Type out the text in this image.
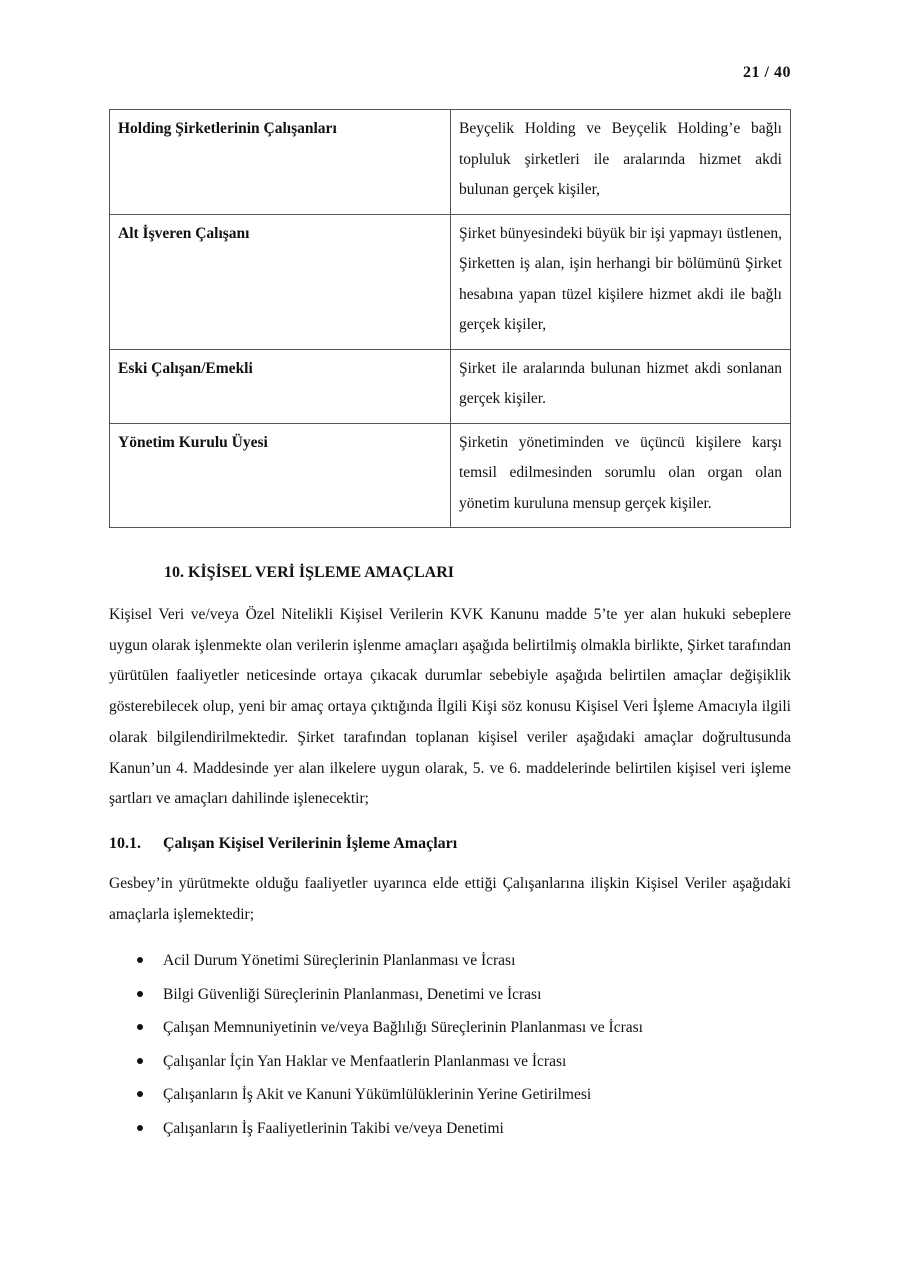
21 / 40
Holding Şirketlerinin Çalışanları	Beyçelik Holding ve Beyçelik Holding’e bağlı topluluk şirketleri ile aralarında hizmet akdi bulunan gerçek kişiler,
Alt İşveren Çalışanı	Şirket bünyesindeki büyük bir işi yapmayı üstlenen, Şirketten iş alan, işin herhangi bir bölümünü Şirket hesabına yapan tüzel kişilere hizmet akdi ile bağlı gerçek kişiler,
Eski Çalışan/Emekli	Şirket ile aralarında bulunan hizmet akdi sonlanan gerçek kişiler.
Yönetim Kurulu Üyesi	Şirketin yönetiminden ve üçüncü kişilere karşı temsil edilmesinden sorumlu olan organ olan yönetim kuruluna mensup gerçek kişiler.
10. KİŞİSEL VERİ İŞLEME AMAÇLARI

Kişisel Veri ve/veya Özel Nitelikli Kişisel Verilerin KVK Kanunu madde 5’te yer alan hukuki sebeplere uygun olarak işlenmekte olan verilerin işlenme amaçları aşağıda belirtilmiş olmakla birlikte, Şirket tarafından yürütülen faaliyetler neticesinde ortaya çıkacak durumlar sebebiyle aşağıda belirtilen amaçlar değişiklik gösterebilecek olup, yeni bir amaç ortaya çıktığında İlgili Kişi söz konusu Kişisel Veri İşleme Amacıyla ilgili olarak bilgilendirilmektedir. Şirket tarafından toplanan kişisel veriler aşağıdaki amaçlar doğrultusunda Kanun’un 4. Maddesinde yer alan ilkelere uygun olarak, 5. ve 6. maddelerinde belirtilen kişisel veri işleme şartları ve amaçları dahilinde işlenecektir;

10.1. Çalışan Kişisel Verilerinin İşleme Amaçları

Gesbey’in yürütmekte olduğu faaliyetler uyarınca elde ettiği Çalışanlarına ilişkin Kişisel Veriler aşağıdaki amaçlarla işlemektedir;

Acil Durum Yönetimi Süreçlerinin Planlanması ve İcrası
Bilgi Güvenliği Süreçlerinin Planlanması, Denetimi ve İcrası
Çalışan Memnuniyetinin ve/veya Bağlılığı Süreçlerinin Planlanması ve İcrası
Çalışanlar İçin Yan Haklar ve Menfaatlerin Planlanması ve İcrası
Çalışanların İş Akit ve Kanuni Yükümlülüklerinin Yerine Getirilmesi
Çalışanların İş Faaliyetlerinin Takibi ve/veya Denetimi
